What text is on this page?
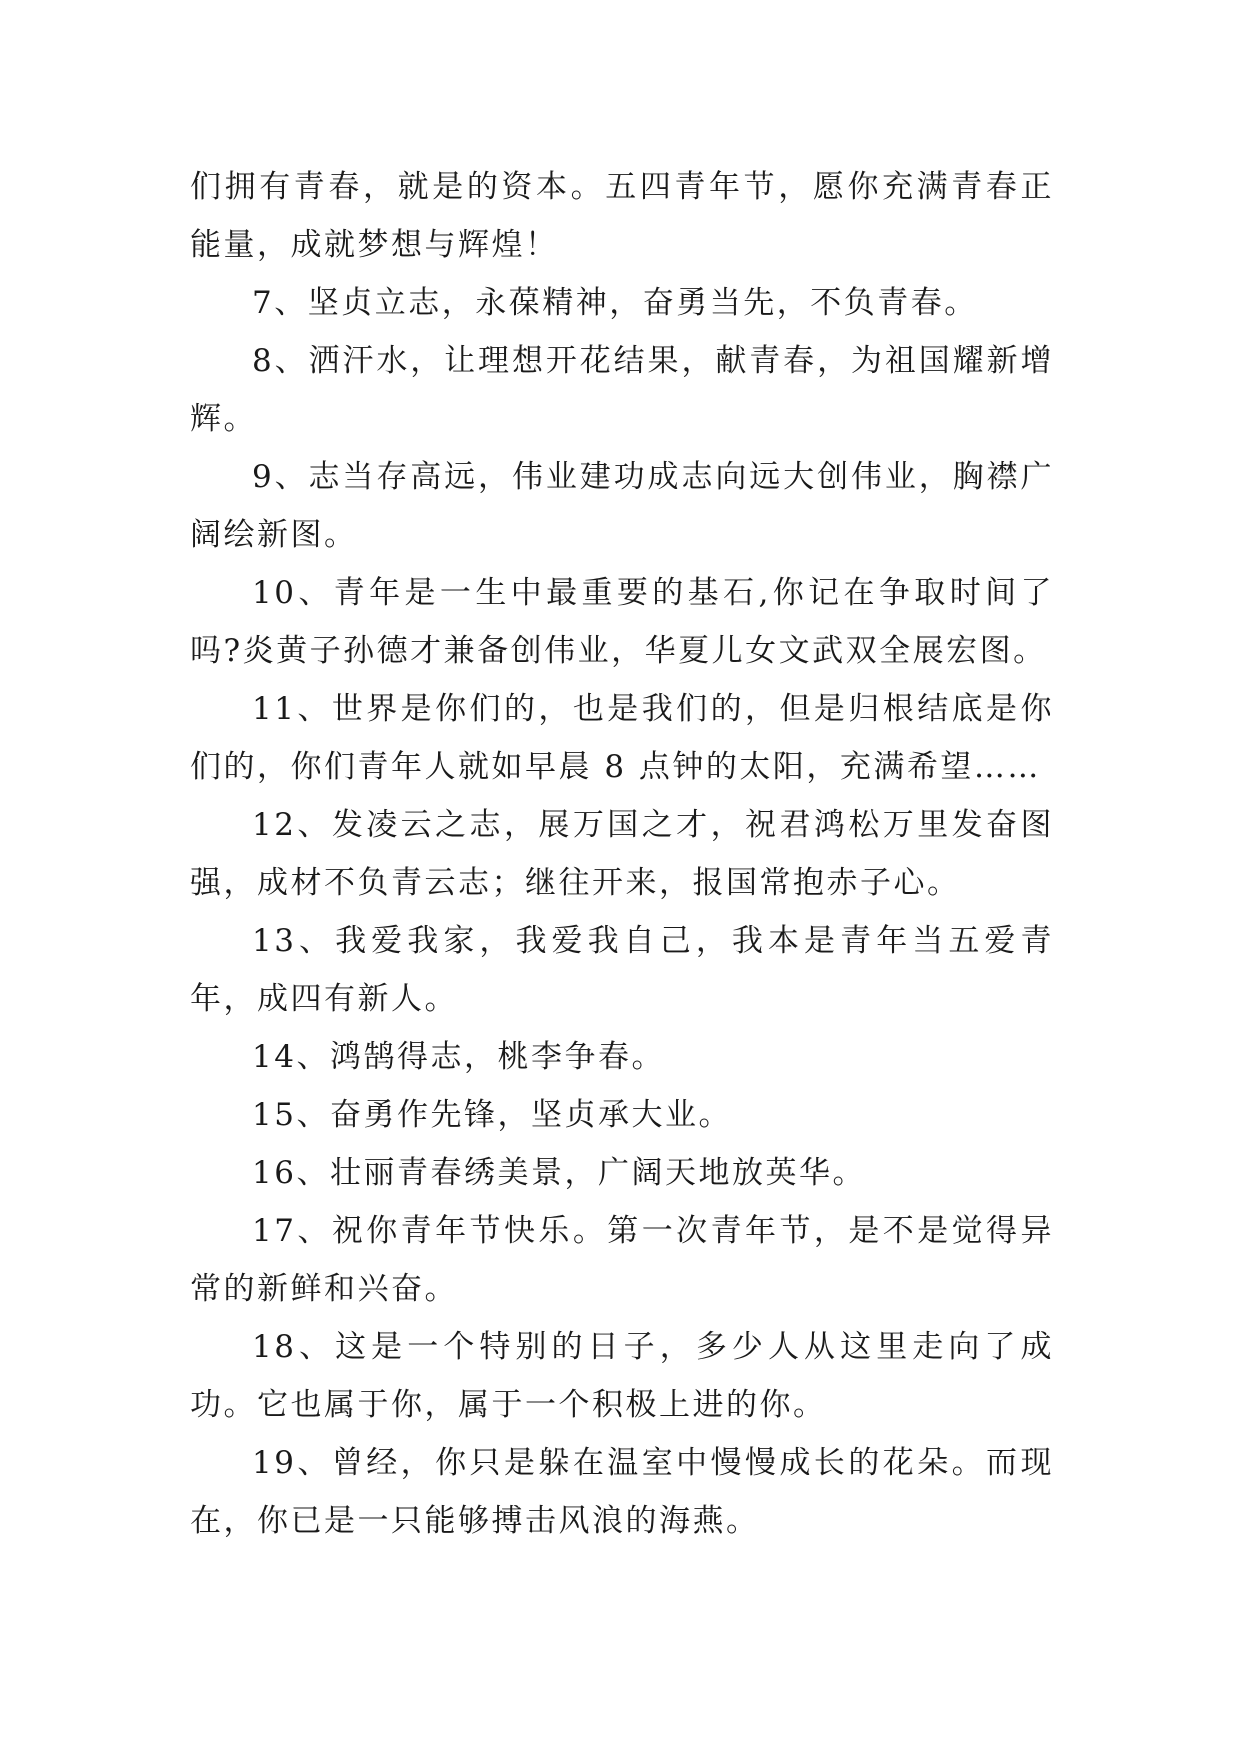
们拥有青春，就是的资本。五四青年节，愿你充满青春正能量，成就梦想与辉煌！

7、坚贞立志，永葆精神，奋勇当先，不负青春。

8、洒汗水，让理想开花结果，献青春，为祖国耀新增辉。

9、志当存高远，伟业建功成志向远大创伟业，胸襟广阔绘新图。

10、青年是一生中最重要的基石,你记在争取时间了吗?炎黄子孙德才兼备创伟业，华夏儿女文武双全展宏图。

11、世界是你们的，也是我们的，但是归根结底是你们的，你们青年人就如早晨 8 点钟的太阳，充满希望……

12、发凌云之志，展万国之才，祝君鸿松万里发奋图强，成材不负青云志；继往开来，报国常抱赤子心。

13、我爱我家，我爱我自己，我本是青年当五爱青年，成四有新人。

14、鸿鹄得志，桃李争春。

15、奋勇作先锋，坚贞承大业。

16、壮丽青春绣美景，广阔天地放英华。

17、祝你青年节快乐。第一次青年节，是不是觉得异常的新鲜和兴奋。

18、这是一个特别的日子，多少人从这里走向了成功。它也属于你，属于一个积极上进的你。

19、曾经，你只是躲在温室中慢慢成长的花朵。而现在，你已是一只能够搏击风浪的海燕。
